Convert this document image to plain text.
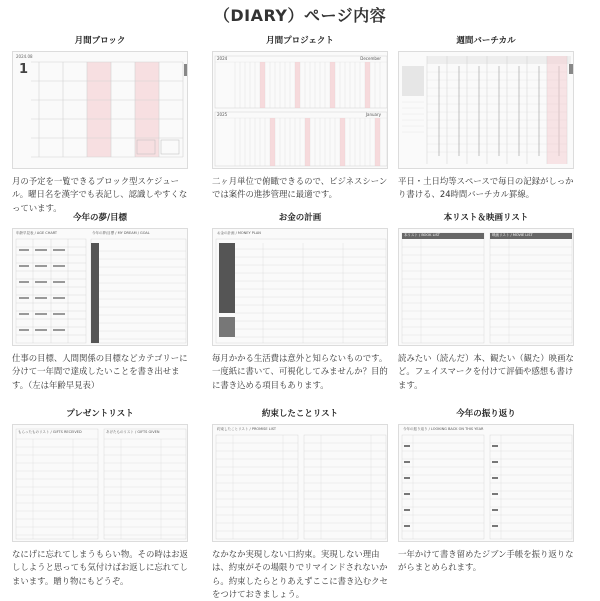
（DIARY）ページ内容
月間ブロック
2024.08
1
月の予定を一覧できるブロック型スケジュール。曜日名を漢字でも表記し、認識しやすくなっています。
月間プロジェクト
2024	December
2025	January
二ヶ月単位で俯瞰できるので、ビジネスシーンでは案件の進捗管理に最適です。
週間バーチカル
平日・土日均等スペースで毎日の記録がしっかり書ける、24時間バーチカル罫線。
今年の夢/目標
年齢早見表 / AGE CHART	今年の夢/目標 / MY DREAM / GOAL
仕事の目標、人間関係の目標などカテゴリーに分けて一年間で達成したいことを書き出せます。（左は年齢早見表）
お金の計画
お金の計画 / MONEY PLAN
毎月かかる生活費は意外と知らないものです。一度紙に書いて、可視化してみませんか？目的に書き込める項目もあります。
本リスト＆映画リスト
本リスト / BOOK LIST	映画リスト / MOVIE LIST
読みたい（読んだ）本、観たい（観た）映画など。フェイスマークを付けて評価や感想も書けます。
プレゼントリスト
もらったものリスト / GIFTS RECEIVED	あげたものリスト / GIFTS GIVEN
なにげに忘れてしまうもらい物。その時はお返ししようと思っても気付けばお返しに忘れてしまいます。贈り物にもどうぞ。
約束したことリスト
約束したことリスト / PROMISE LIST
なかなか実現しない口約束。実現しない理由は、約束がその場限りでリマインドされないから。約束したらとりあえずここに書き込むクセをつけておきましょう。
今年の振り返り
今年の振り返り / LOOKING BACK ON THIS YEAR
一年かけて書き留めたジブン手帳を振り返りながらまとめられます。
